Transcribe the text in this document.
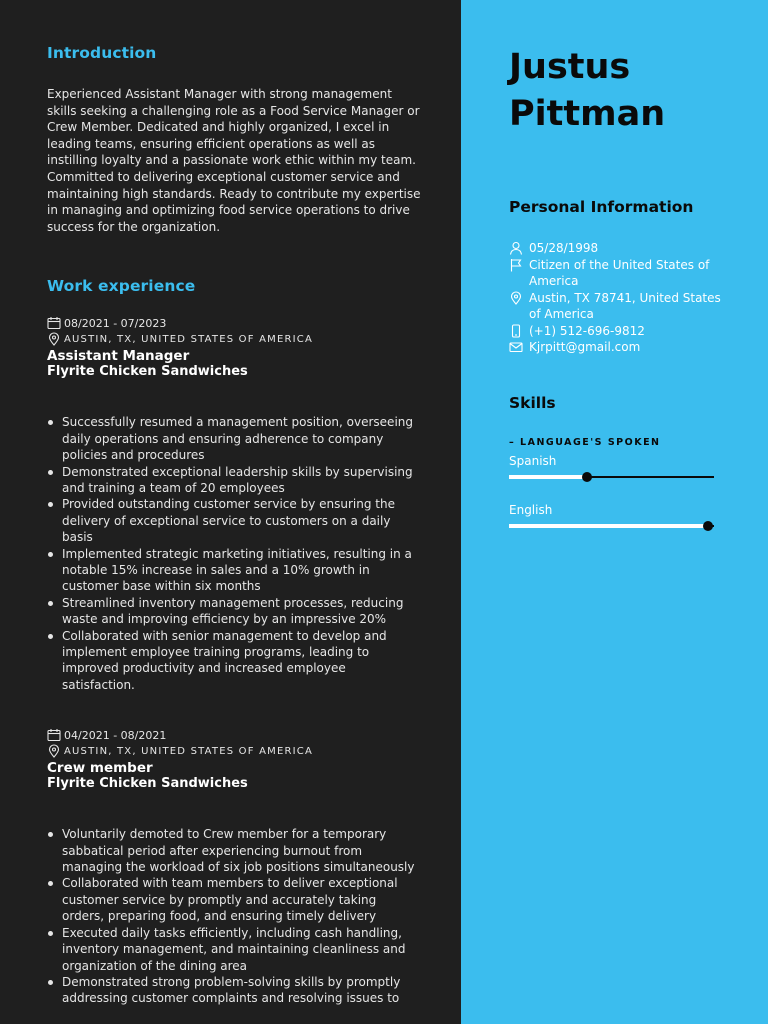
Introduction

Experienced Assistant Manager with strong management skills seeking a challenging role as a Food Service Manager or Crew Member. Dedicated and highly organized, I excel in leading teams, ensuring efficient operations as well as instilling loyalty and a passionate work ethic within my team. Committed to delivering exceptional customer service and maintaining high standards. Ready to contribute my expertise in managing and optimizing food service operations to drive success for the organization.

Work experience
08/2021 - 07/2023
AUSTIN, TX, UNITED STATES OF AMERICA
Assistant Manager
Flyrite Chicken Sandwiches
Successfully resumed a management position, overseeing daily operations and ensuring adherence to company policies and procedures
Demonstrated exceptional leadership skills by supervising and training a team of 20 employees
Provided outstanding customer service by ensuring the delivery of exceptional service to customers on a daily basis
Implemented strategic marketing initiatives, resulting in a notable 15% increase in sales and a 10% growth in customer base within six months
Streamlined inventory management processes, reducing waste and improving efficiency by an impressive 20%
Collaborated with senior management to develop and implement employee training programs, leading to improved productivity and increased employee satisfaction.
04/2021 - 08/2021
AUSTIN, TX, UNITED STATES OF AMERICA
Crew member
Flyrite Chicken Sandwiches
Voluntarily demoted to Crew member for a temporary sabbatical period after experiencing burnout from managing the workload of six job positions simultaneously
Collaborated with team members to deliver exceptional customer service by promptly and accurately taking orders, preparing food, and ensuring timely delivery
Executed daily tasks efficiently, including cash handling, inventory management, and maintaining cleanliness and organization of the dining area
Demonstrated strong problem-solving skills by promptly addressing customer complaints and resolving issues to
Justus
Pittman
Personal Information
05/28/1998
Citizen of the United States of America
Austin, TX 78741, United States of America
(+1) 512-696-9812
Kjrpitt@gmail.com
Skills
– LANGUAGE'S SPOKEN
Spanish
English
